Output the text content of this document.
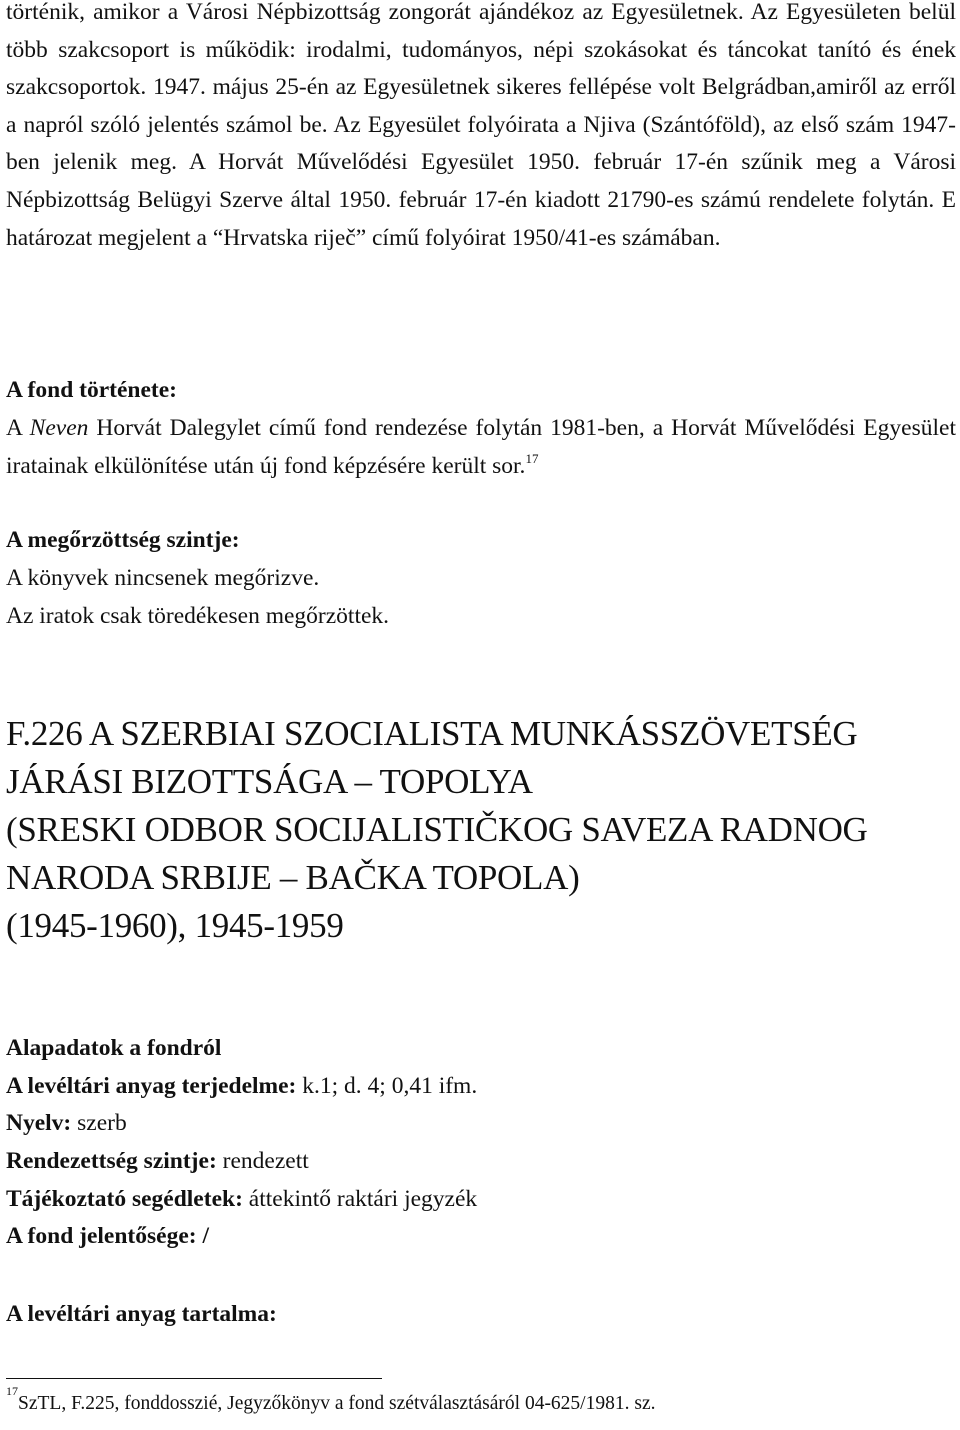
történik, amikor a Városi Népbizottság zongorát ajándékoz az Egyesületnek. Az Egyesületen belül több szakcsoport is működik: irodalmi, tudományos, népi szokásokat és táncokat tanító és ének szakcsoportok. 1947. május 25-én az Egyesületnek sikeres fellépése volt Belgrádban,amiről az erről a napról szóló jelentés számol be. Az Egyesület folyóirata a Njiva (Szántóföld), az első szám 1947-ben jelenik meg. A Horvát Művelődési Egyesület 1950. február 17-én szűnik meg a Városi Népbizottság Belügyi Szerve által 1950. február 17-én kiadott 21790-es számú rendelete folytán. E határozat megjelent a “Hrvatska riječ” című folyóirat 1950/41-es számában.
A fond története:
A Neven Horvát Dalegylet című fond rendezése folytán 1981-ben, a Horvát Művelődési Egyesület iratainak elkülönítése után új fond képzésére került sor.$^{17}$
A megőrzöttség szintje:
A könyvek nincsenek megőrizve.
Az iratok csak töredékesen megőrzöttek.
F.226 A SZERBIAI SZOCIALISTA MUNKÁSSZÖVETSÉG
JÁRÁSI BIZOTTSÁGA – TOPOLYA
(SRESKI ODBOR SOCIJALISTIČKOG SAVEZA RADNOG
NARODA SRBIJE – BAČKA TOPOLA)
(1945-1960), 1945-1959
Alapadatok a fondról
A levéltári anyag terjedelme: k.1; d. 4; 0,41 ifm.
Nyelv: szerb
Rendezettség szintje: rendezett
Tájékoztató segédletek: áttekintő raktári jegyzék
A fond jelentősége: /
A levéltári anyag tartalma:
$^{17}$SzTL, F.225, fonddosszié, Jegyzőkönyv a fond szétválasztásáról 04-625/1981. sz.
